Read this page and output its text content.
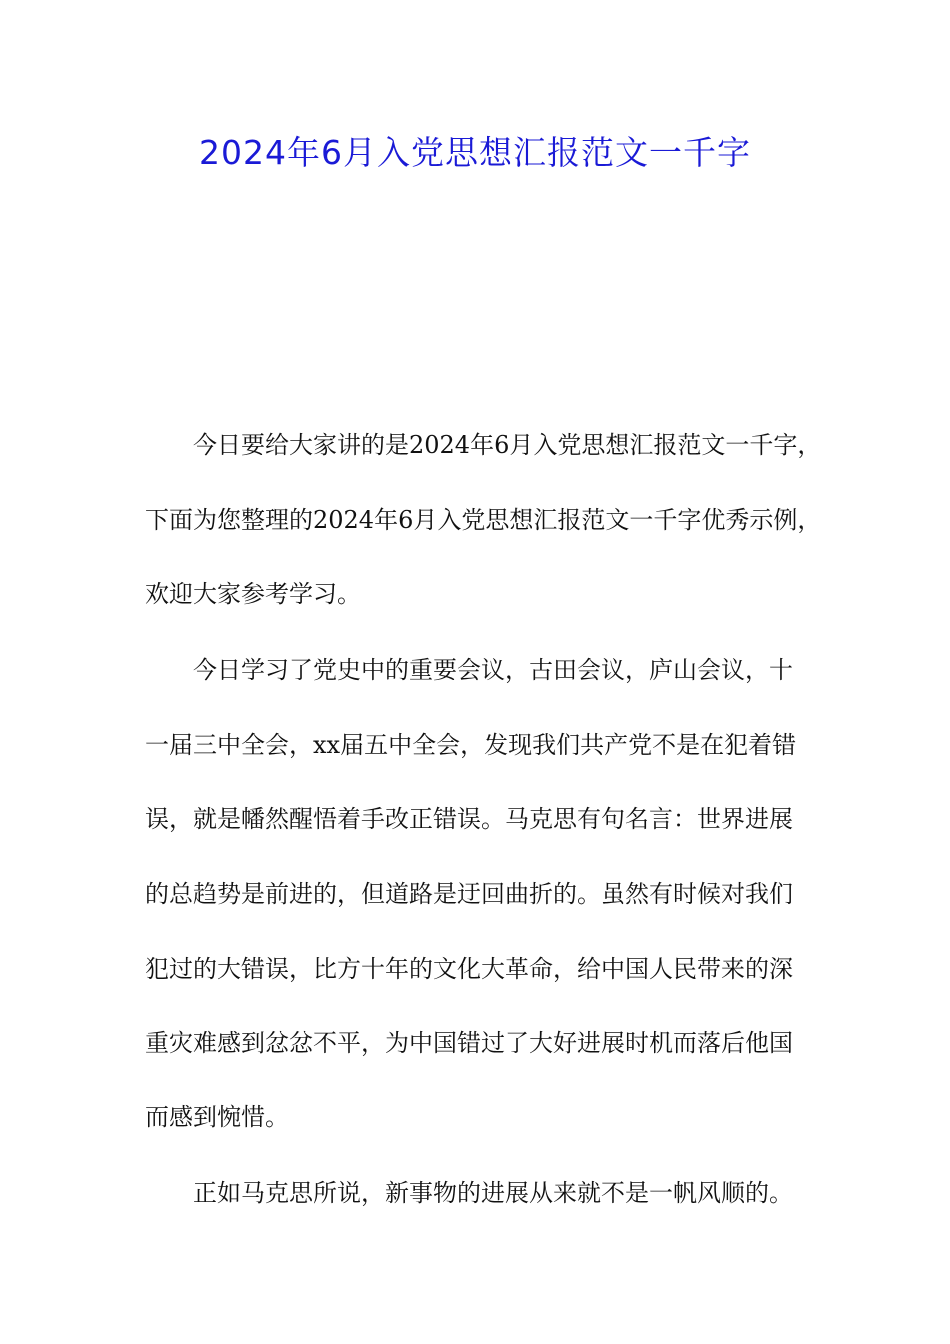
2024年6月入党思想汇报范文一千字
今日要给大家讲的是2024年6月入党思想汇报范文一千字，
下面为您整理的2024年6月入党思想汇报范文一千字优秀示例，
欢迎大家参考学习。
今日学习了党史中的重要会议，古田会议，庐山会议，十
一届三中全会，xx届五中全会，发现我们共产党不是在犯着错
误，就是幡然醒悟着手改正错误。马克思有句名言：世界进展
的总趋势是前进的，但道路是迂回曲折的。虽然有时候对我们
犯过的大错误，比方十年的文化大革命，给中国人民带来的深
重灾难感到忿忿不平，为中国错过了大好进展时机而落后他国
而感到惋惜。
正如马克思所说，新事物的进展从来就不是一帆风顺的。
